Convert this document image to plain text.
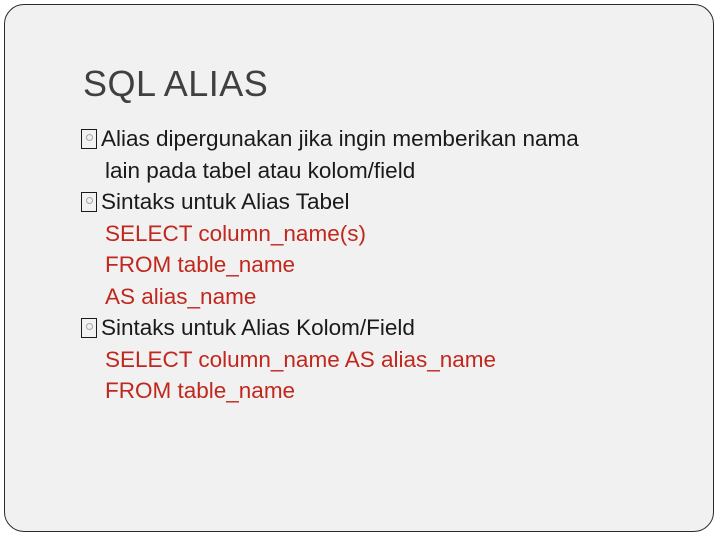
SQL ALIAS
Alias dipergunakan jika ingin memberikan nama
lain pada tabel atau kolom/field
Sintaks untuk Alias Tabel
SELECT column_name(s)
FROM table_name
AS alias_name
Sintaks untuk Alias Kolom/Field
SELECT column_name AS alias_name
FROM table_name
